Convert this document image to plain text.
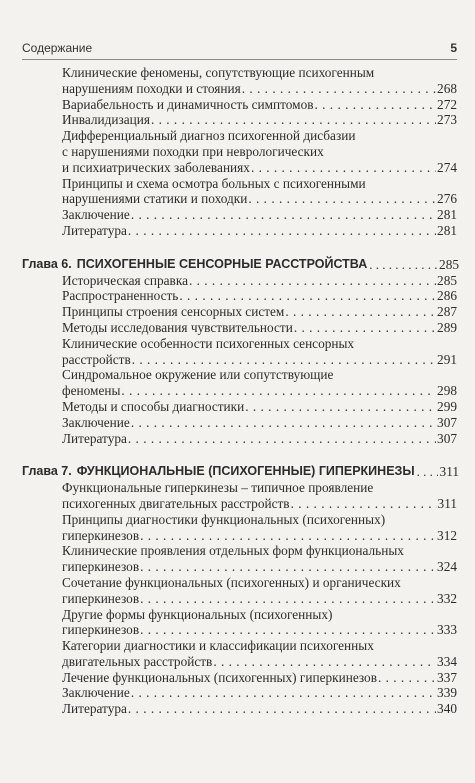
Содержание	5
Клинические феномены, сопутствующие психогенным
нарушениям походки и стояния . . .	268
Вариабельность и динамичность симптомов . . .	272
Инвалидизация . . .	273
Дифференциальный диагноз психогенной дисбазии
с нарушениями походки при неврологических
и психиатрических заболеваниях . . .	274
Принципы и схема осмотра больных с психогенными
нарушениями статики и походки . . .	276
Заключение . . .	281
Литература . . .	281
Глава 6. ПСИХОГЕННЫЕ СЕНСОРНЫЕ РАССТРОЙСТВА . . .	285
Историческая справка . . .	285
Распространенность . . .	286
Принципы строения сенсорных систем . . .	287
Методы исследования чувствительности . . .	289
Клинические особенности психогенных сенсорных
расстройств . . .	291
Синдромальное окружение или сопутствующие
феномены . . .	298
Методы и способы диагностики . . .	299
Заключение . . .	307
Литература . . .	307
Глава 7. ФУНКЦИОНАЛЬНЫЕ (ПСИХОГЕННЫЕ) ГИПЕРКИНЕЗЫ . . . 311
Функциональные гиперкинезы – типичное проявление
психогенных двигательных расстройств . . .	311
Принципы диагностики функциональных (психогенных)
гиперкинезов . . .	312
Клинические проявления отдельных форм функциональных
гиперкинезов . . .	324
Сочетание функциональных (психогенных) и органических
гиперкинезов . . .	332
Другие формы функциональных (психогенных)
гиперкинезов . . .	333
Категории диагностики и классификации психогенных
двигательных расстройств . . .	334
Лечение функциональных (психогенных) гиперкинезов . . .	337
Заключение . . .	339
Литература . . .	340
